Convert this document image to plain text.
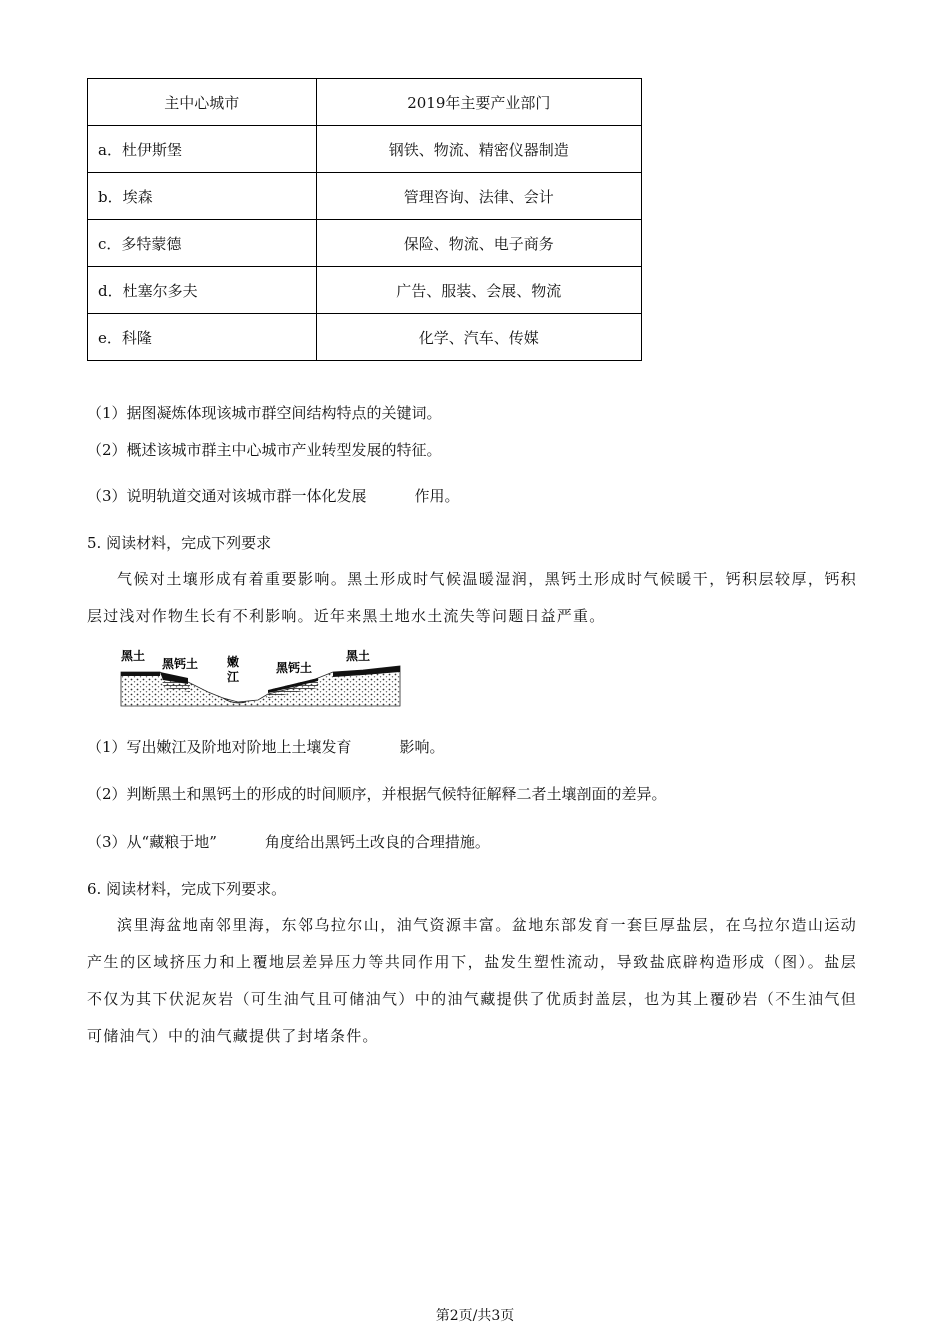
主中心城市	2019年主要产业部门
a．杜伊斯堡	钢铁、物流、精密仪器制造
b．埃森	管理咨询、法律、会计
c．多特蒙德	保险、物流、电子商务
d．杜塞尔多夫	广告、服装、会展、物流
e．科隆	化学、汽车、传媒
（1）据图凝炼体现该城市群空间结构特点的关键词。
（2）概述该城市群主中心城市产业转型发展的特征。
（3）说明轨道交通对该城市群一体化发展	作用。
5. 阅读材料，完成下列要求
气候对土壤形成有着重要影响。黑土形成时气候温暖湿润，黑钙土形成时气候暖干，钙积层较厚，钙积层过浅对作物生长有不利影响。近年来黑土地水土流失等问题日益严重。
黑土
黑钙土 嫩
江
黑钙土
黑土
（1）写出嫩江及阶地对阶地上土壤发育	影响。
（2）判断黑土和黑钙土的形成的时间顺序，并根据气候特征解释二者土壤剖面的差异。
（3）从“藏粮于地”	角度给出黑钙土改良的合理措施。
6. 阅读材料，完成下列要求。
滨里海盆地南邻里海，东邻乌拉尔山，油气资源丰富。盆地东部发育一套巨厚盐层，在乌拉尔造山运动产生的区域挤压力和上覆地层差异压力等共同作用下，盐发生塑性流动，导致盐底辟构造形成（图）。盐层不仅为其下伏泥灰岩（可生油气且可储油气）中的油气藏提供了优质封盖层，也为其上覆砂岩（不生油气但可储油气）中的油气藏提供了封堵条件。
第2页/共3页
